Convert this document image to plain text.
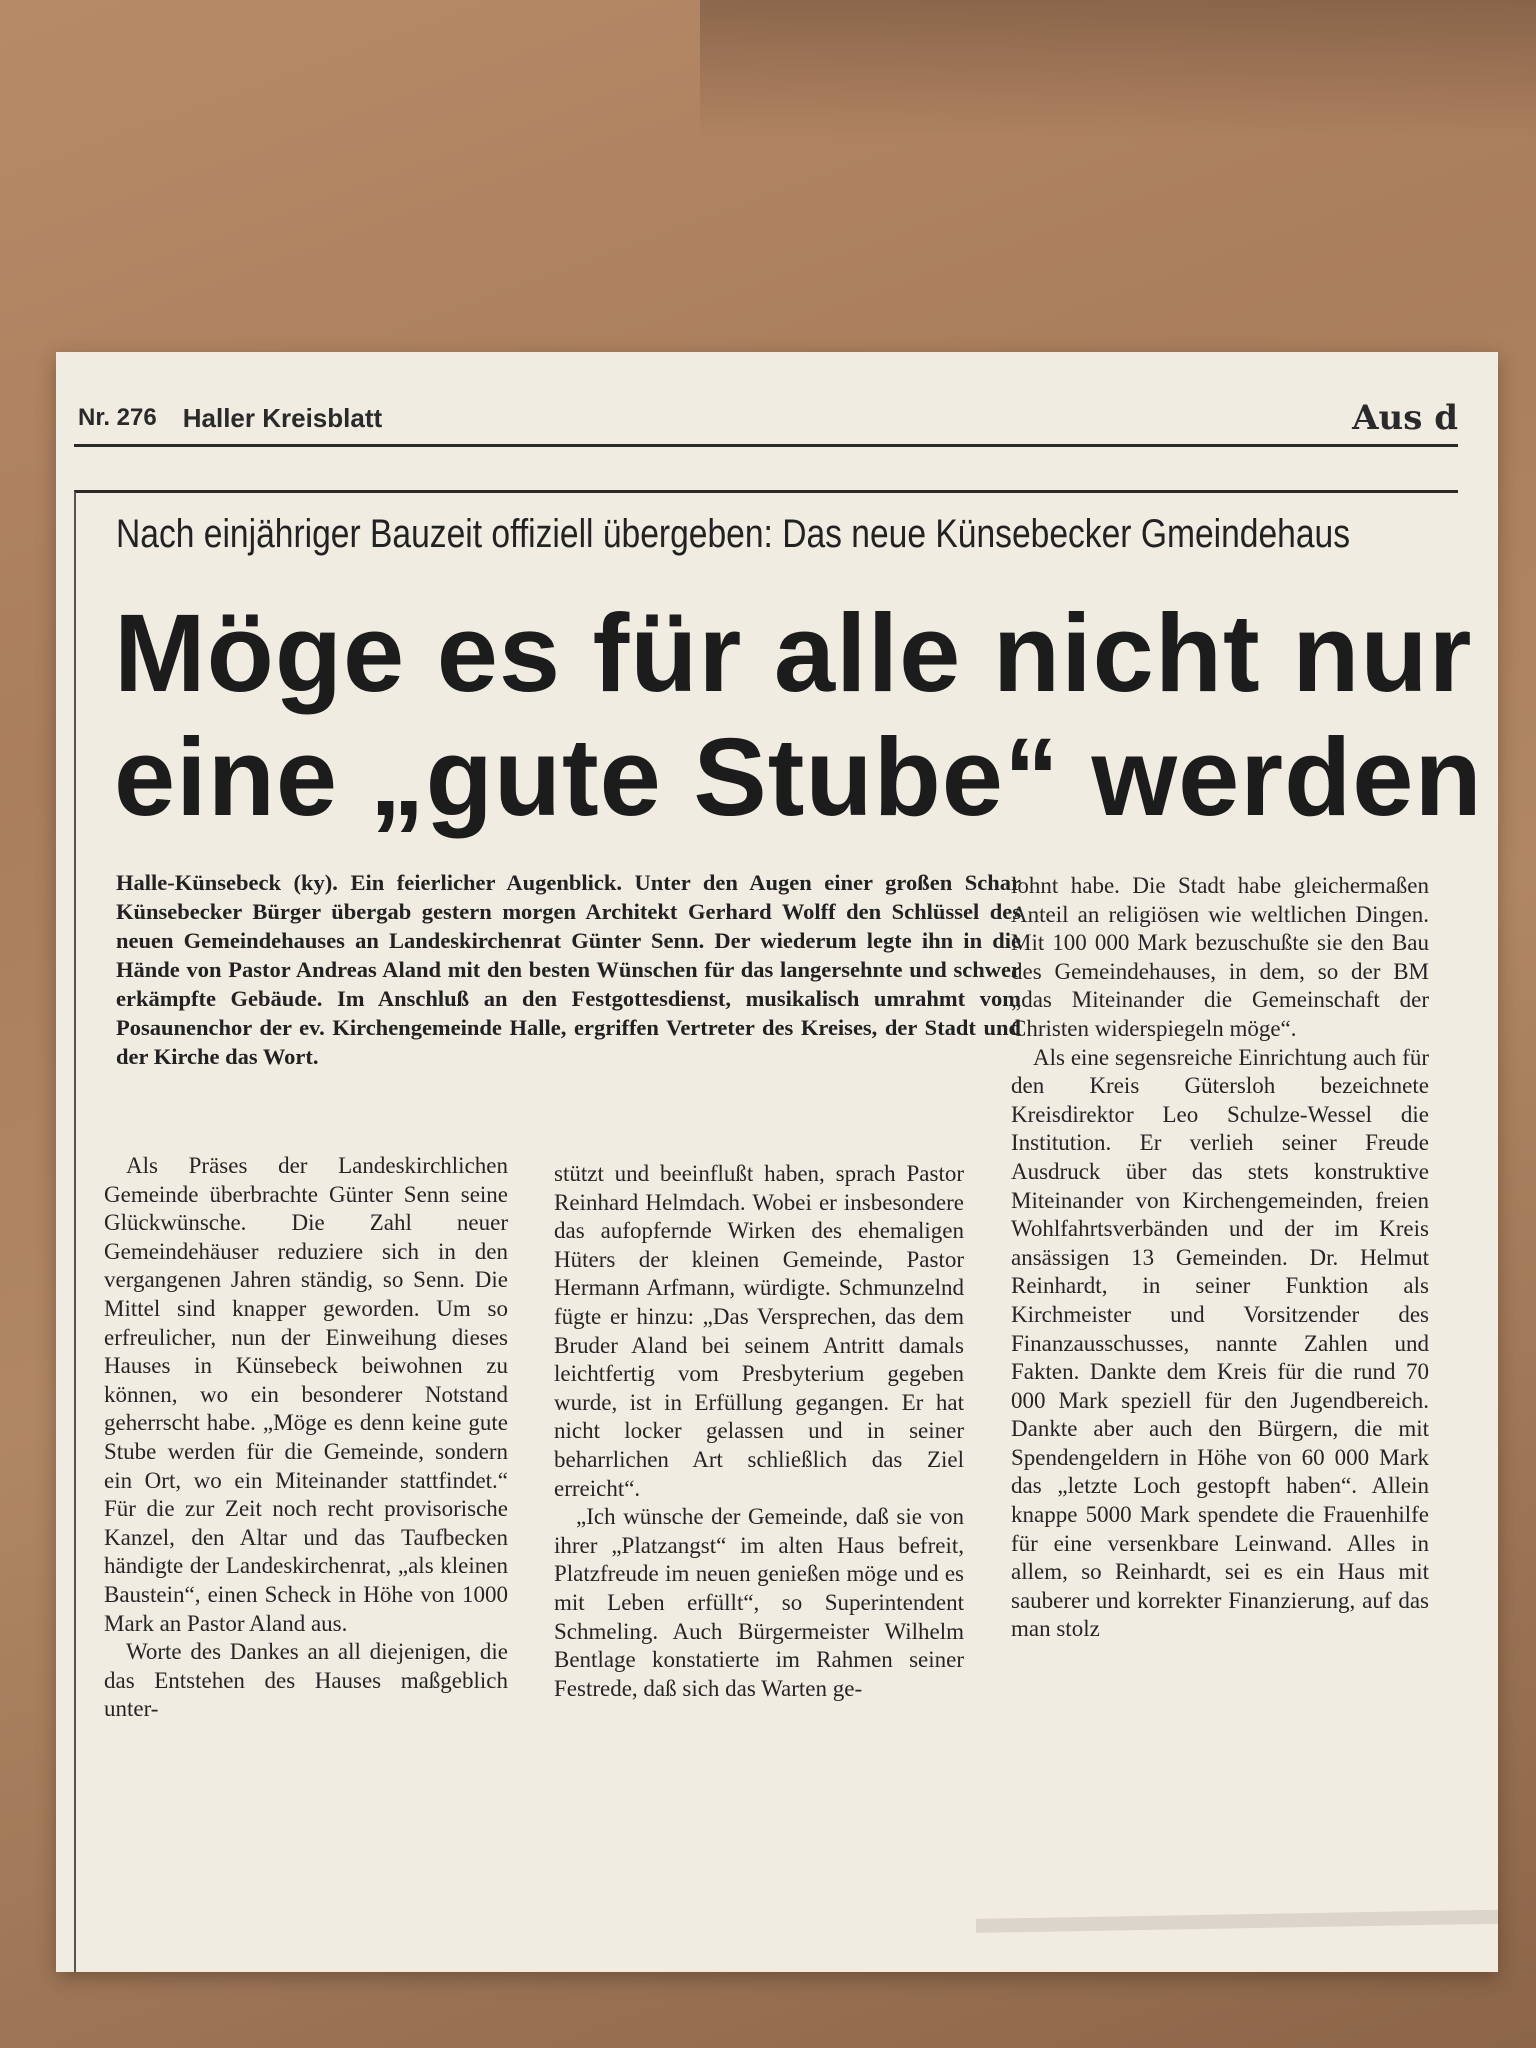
Nr. 276 Haller Kreisblatt	Aus d
Nach einjähriger Bauzeit offiziell übergeben: Das neue Künsebecker Gmeindehaus
Möge es für alle nicht nur
eine „gute Stube“ werden
Halle-Künsebeck (ky). Ein feierlicher Augenblick. Unter den Augen einer großen Schar Künsebecker Bürger übergab gestern morgen Architekt Gerhard Wolff den Schlüssel des neuen Gemeindehauses an Landeskirchenrat Günter Senn. Der wiederum legte ihn in die Hände von Pastor Andreas Aland mit den besten Wünschen für das langersehnte und schwer erkämpfte Gebäude. Im Anschluß an den Festgottesdienst, musikalisch umrahmt vom Posaunenchor der ev. Kirchengemeinde Halle, ergriffen Vertreter des Kreises, der Stadt und der Kirche das Wort.

Als Präses der Landeskirchlichen Gemeinde überbrachte Günter Senn seine Glückwünsche. Die Zahl neuer Gemeindehäuser reduziere sich in den vergangenen Jahren ständig, so Senn. Die Mittel sind knapper geworden. Um so erfreulicher, nun der Einweihung dieses Hauses in Künsebeck beiwohnen zu können, wo ein besonderer Notstand geherrscht habe. „Möge es denn keine gute Stube werden für die Gemeinde, sondern ein Ort, wo ein Miteinander stattfindet.“ Für die zur Zeit noch recht provisorische Kanzel, den Altar und das Taufbecken händigte der Landeskirchenrat, „als kleinen Baustein“, einen Scheck in Höhe von 1000 Mark an Pastor Aland aus.

Worte des Dankes an all diejenigen, die das Entstehen des Hauses maßgeblich unter-

stützt und beeinflußt haben, sprach Pastor Reinhard Helmdach. Wobei er insbesondere das aufopfernde Wirken des ehemaligen Hüters der kleinen Gemeinde, Pastor Hermann Arfmann, würdigte. Schmunzelnd fügte er hinzu: „Das Versprechen, das dem Bruder Aland bei seinem Antritt damals leichtfertig vom Presbyterium gegeben wurde, ist in Erfüllung gegangen. Er hat nicht locker gelassen und in seiner beharrlichen Art schließlich das Ziel erreicht“.

„Ich wünsche der Gemeinde, daß sie von ihrer „Platzangst“ im alten Haus befreit, Platzfreude im neuen genießen möge und es mit Leben erfüllt“, so Superintendent Schmeling. Auch Bürgermeister Wilhelm Bentlage konstatierte im Rahmen seiner Festrede, daß sich das Warten ge-

lohnt habe. Die Stadt habe gleichermaßen Anteil an religiösen wie weltlichen Dingen. Mit 100 000 Mark bezuschußte sie den Bau des Gemeindehauses, in dem, so der BM „das Miteinander die Gemeinschaft der Christen widerspiegeln möge“.

Als eine segensreiche Einrichtung auch für den Kreis Gütersloh bezeichnete Kreisdirektor Leo Schulze-Wessel die Institution. Er verlieh seiner Freude Ausdruck über das stets konstruktive Miteinander von Kirchengemeinden, freien Wohlfahrtsverbänden und der im Kreis ansässigen 13 Gemeinden. Dr. Helmut Reinhardt, in seiner Funktion als Kirchmeister und Vorsitzender des Finanzausschusses, nannte Zahlen und Fakten. Dankte dem Kreis für die rund 70 000 Mark speziell für den Jugendbereich. Dankte aber auch den Bürgern, die mit Spendengeldern in Höhe von 60 000 Mark das „letzte Loch gestopft haben“. Allein knappe 5000 Mark spendete die Frauenhilfe für eine versenkbare Leinwand. Alles in allem, so Reinhardt, sei es ein Haus mit sauberer und korrekter Finanzierung, auf das man stolz
